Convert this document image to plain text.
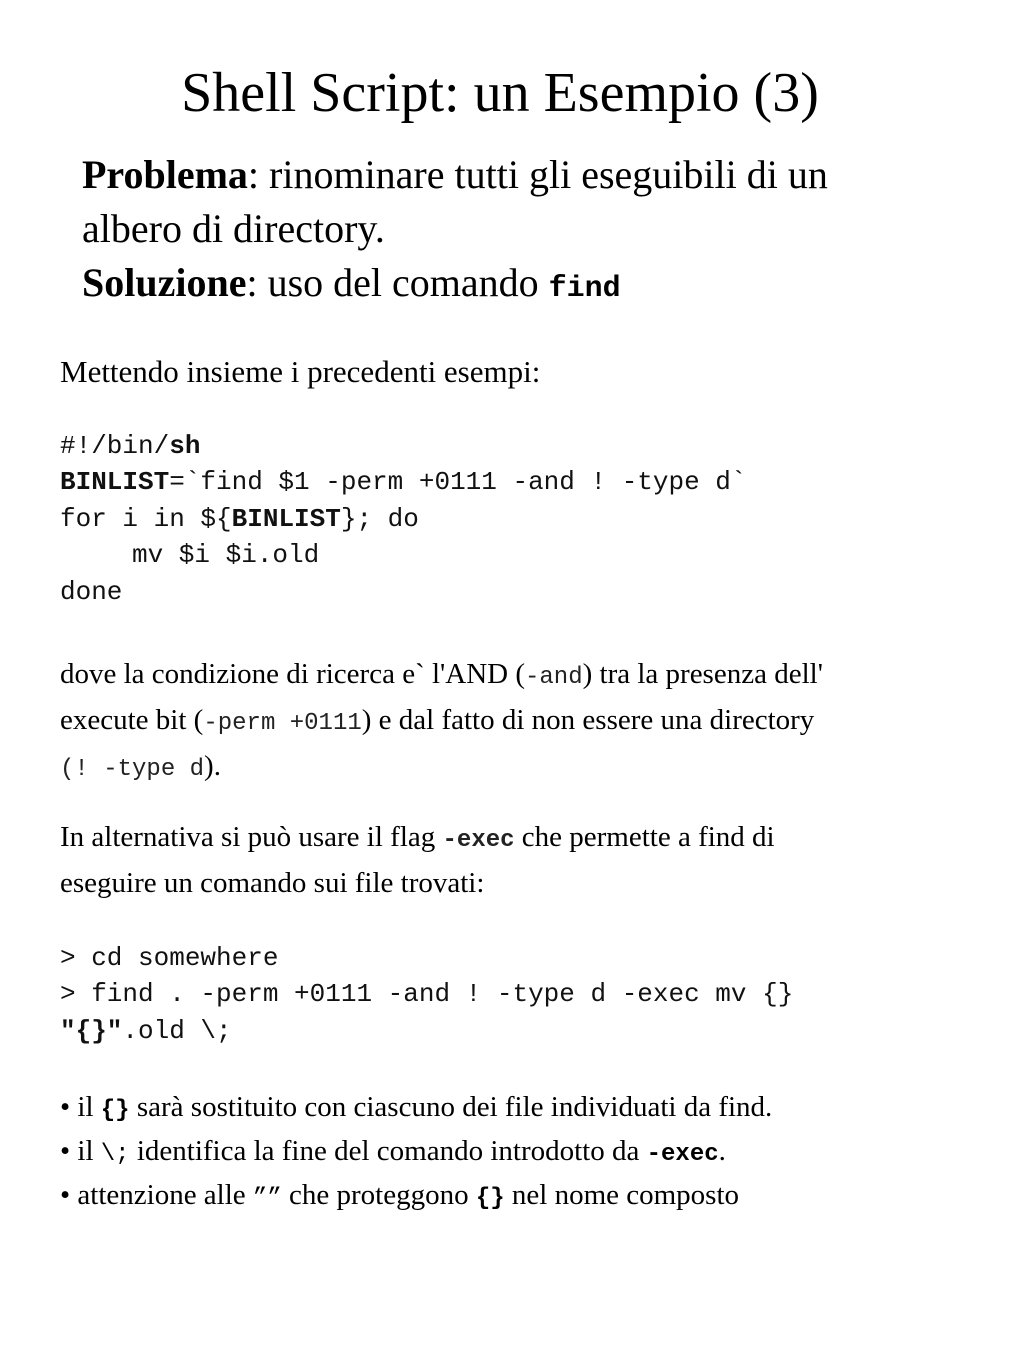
Shell Script: un Esempio (3)
Problema: rinominare tutti gli eseguibili di un
albero di directory.
Soluzione: uso del comando find
Mettendo insieme i precedenti esempi:
#!/bin/sh
BINLIST=`find $1 -perm +0111 -and ! -type d`
for i in ${BINLIST}; do
mv $i $i.old
done
dove la condizione di ricerca e` l'AND (-and) tra la presenza dell'
execute bit (-perm +0111) e dal fatto di non essere una directory
(! -type d).
In alternativa si può usare il flag -exec che permette a find di
eseguire un comando sui file trovati:
> cd somewhere
> find . -perm +0111 -and ! -type d -exec mv {}
"{}".old \;
• il {} sarà sostituito con ciascuno dei file individuati da find.
• il \; identifica la fine del comando introdotto da -exec.
• attenzione alle ”” che proteggono {} nel nome composto
